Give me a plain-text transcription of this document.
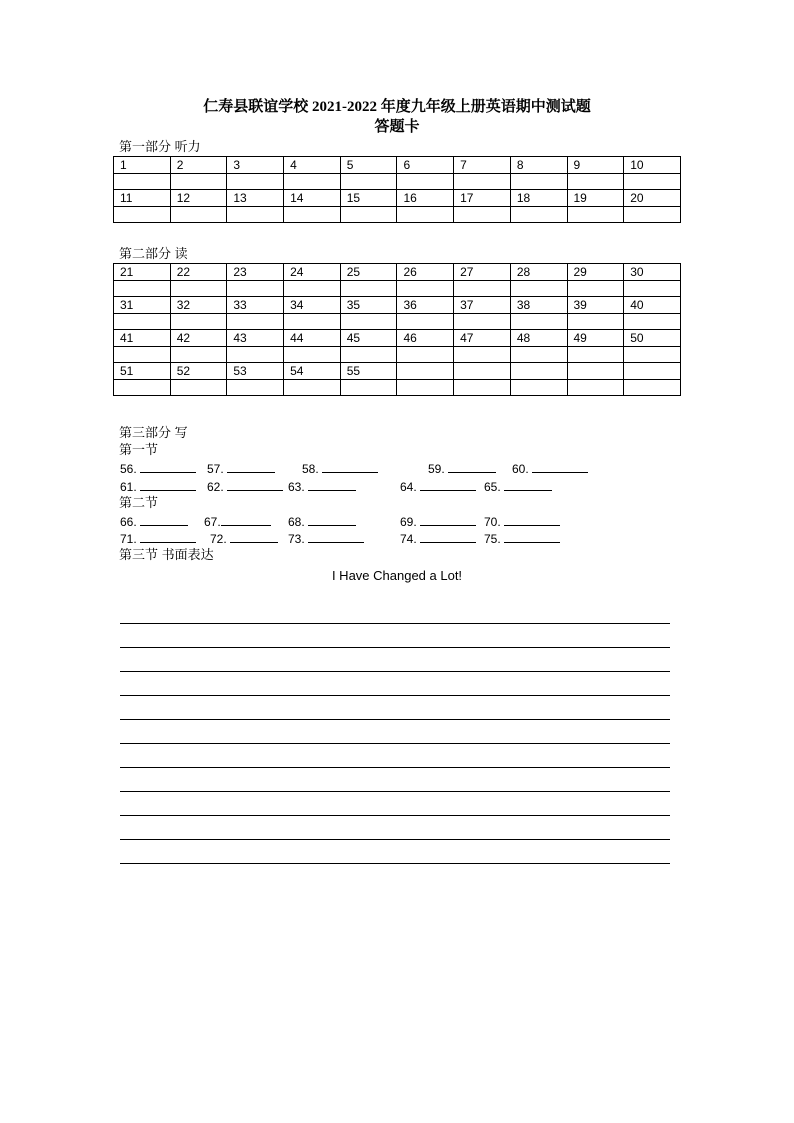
仁寿县联谊学校 2021-2022 年度九年级上册英语期中测试题
答题卡
第一部分 听力
1	2	3	4	5	6	7	8	9	10

11	12	13	14	15	16	17	18	19	20

第二部分 读
21	22	23	24	25	26	27	28	29	30

31	32	33	34	35	36	37	38	39	40

41	42	43	44	45	46	47	48	49	50

51	52	53	54	55					

第三部分 写
第一节
56.	57.	58.	59.	60.
61.	62.	63.	64.	65.
第二节
66.	67.	68.	69.	70.
71.	72.	73.	74.	75.
第三节 书面表达
I Have Changed a Lot!
